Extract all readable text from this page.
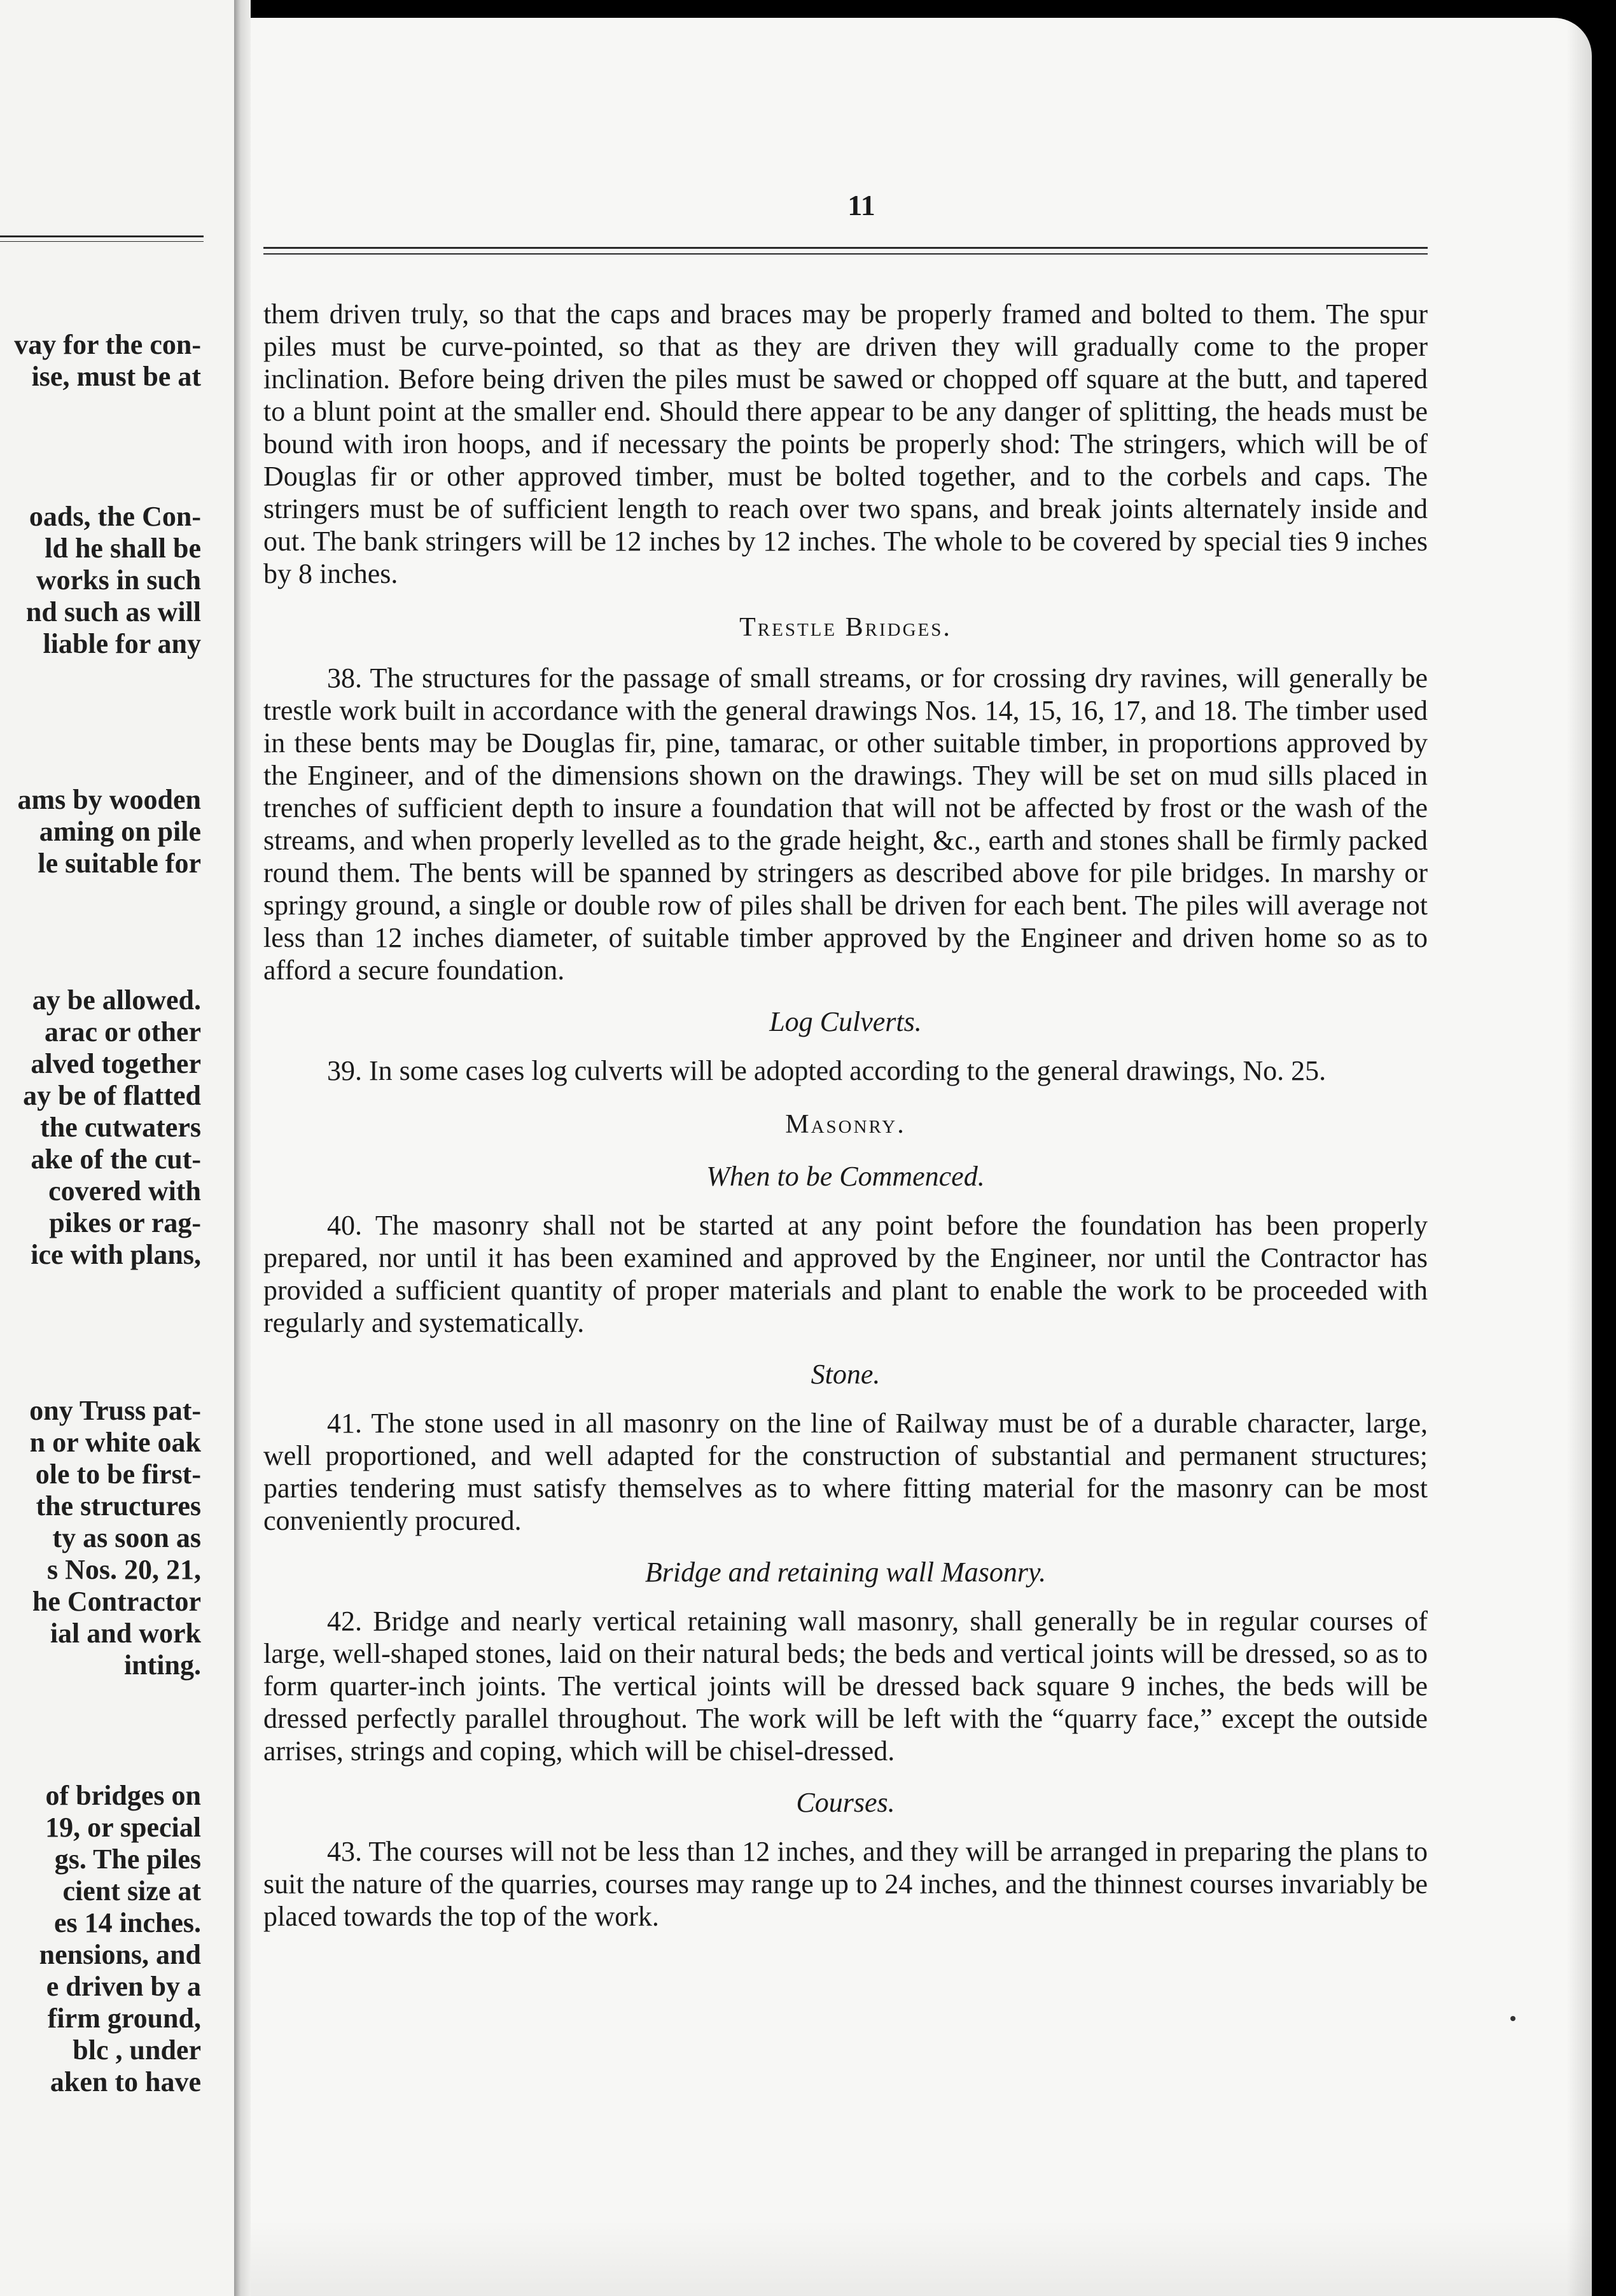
vay for the con-
ise, must be at
oads, the Con-
ld he shall be
works in such
nd such as will
liable for any
ams by wooden
aming on pile
le suitable for
ay be allowed.
arac or other
alved together
ay be of flatted
the cutwaters
ake of the cut-
covered with
pikes or rag-
ice with plans,
ony Truss pat-
n or white oak
ole to be first-
the structures
ty as soon as
s Nos. 20, 21,
he Contractor
ial and work
inting.
of bridges on
19, or special
gs. The piles
cient size at
es 14 inches.
nensions, and
e driven by a
firm ground,
blc , under
aken to have
11

them driven truly, so that the caps and braces may be properly framed and bolted to them. The spur piles must be curve-pointed, so that as they are driven they will gradually come to the proper inclination. Before being driven the piles must be sawed or chopped off square at the butt, and tapered to a blunt point at the smaller end. Should there appear to be any danger of splitting, the heads must be bound with iron hoops, and if necessary the points be properly shod: The stringers, which will be of Douglas fir or other approved timber, must be bolted together, and to the corbels and caps. The stringers must be of sufficient length to reach over two spans, and break joints alternately inside and out. The bank stringers will be 12 inches by 12 inches. The whole to be covered by special ties 9 inches by 8 inches.

Trestle Bridges.

38. The structures for the passage of small streams, or for crossing dry ravines, will generally be trestle work built in accordance with the general drawings Nos. 14, 15, 16, 17, and 18. The timber used in these bents may be Douglas fir, pine, tamarac, or other suitable timber, in proportions approved by the Engineer, and of the dimensions shown on the drawings. They will be set on mud sills placed in trenches of sufficient depth to insure a foundation that will not be affected by frost or the wash of the streams, and when properly levelled as to the grade height, &c., earth and stones shall be firmly packed round them. The bents will be spanned by stringers as described above for pile bridges. In marshy or springy ground, a single or double row of piles shall be driven for each bent. The piles will average not less than 12 inches diameter, of suitable timber approved by the Engineer and driven home so as to afford a secure foundation.

Log Culverts.

39. In some cases log culverts will be adopted according to the general drawings, No. 25.

Masonry.
When to be Commenced.

40. The masonry shall not be started at any point before the foundation has been properly prepared, nor until it has been examined and approved by the Engineer, nor until the Contractor has provided a sufficient quantity of proper materials and plant to enable the work to be proceeded with regularly and systematically.

Stone.

41. The stone used in all masonry on the line of Railway must be of a durable character, large, well proportioned, and well adapted for the construction of substantial and permanent structures; parties tendering must satisfy themselves as to where fitting material for the masonry can be most conveniently procured.

Bridge and retaining wall Masonry.

42. Bridge and nearly vertical retaining wall masonry, shall generally be in regular courses of large, well-shaped stones, laid on their natural beds; the beds and vertical joints will be dressed, so as to form quarter-inch joints. The vertical joints will be dressed back square 9 inches, the beds will be dressed perfectly parallel throughout. The work will be left with the “quarry face,” except the outside arrises, strings and coping, which will be chisel-dressed.

Courses.

43. The courses will not be less than 12 inches, and they will be arranged in preparing the plans to suit the nature of the quarries, courses may range up to 24 inches, and the thinnest courses invariably be placed towards the top of the work.
